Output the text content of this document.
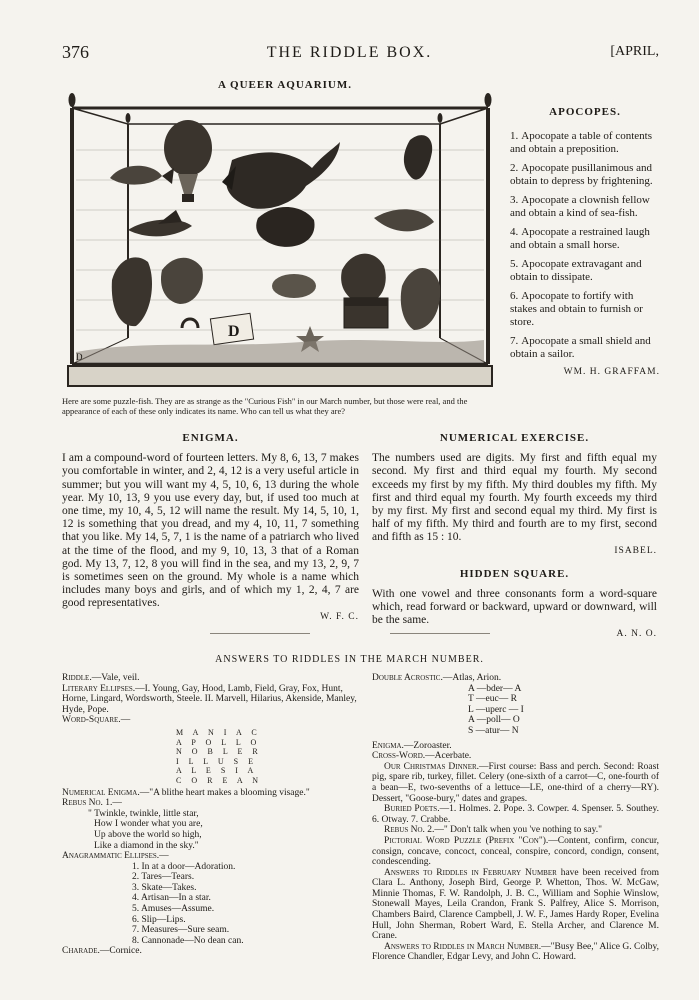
376	THE RIDDLE BOX.	[APRIL,
A QUEER AQUARIUM.
D
D
Here are some puzzle-fish. They are as strange as the "Curious Fish" in our March number, but those were real, and the appearance of each of these only indicates its name. Who can tell us what they are?
APOCOPES.
1. Apocopate a table of contents and obtain a preposition.
2. Apocopate pusillanimous and obtain to depress by frightening.
3. Apocopate a clownish fellow and obtain a kind of sea-fish.
4. Apocopate a restrained laugh and obtain a small horse.
5. Apocopate extravagant and obtain to dissipate.
6. Apocopate to fortify with stakes and obtain to furnish or store.
7. Apocopate a small shield and obtain a sailor.
WM. H. GRAFFAM.
ENIGMA.

I am a compound-word of fourteen letters. My 8, 6, 13, 7 makes you comfortable in winter, and 2, 4, 12 is a very useful article in summer; but you will want my 4, 5, 10, 6, 13 during the whole year. My 10, 13, 9 you use every day, but, if used too much at one time, my 10, 4, 5, 12 will name the result. My 14, 5, 10, 1, 12 is something that you dread, and my 4, 10, 11, 7 something that you like. My 14, 5, 7, 1 is the name of a patriarch who lived at the time of the flood, and my 9, 10, 13, 3 that of a Roman god. My 13, 7, 12, 8 you will find in the sea, and my 13, 2, 9, 7 is sometimes seen on the ground. My whole is a name which includes many boys and girls, and of which my 1, 2, 4, 7 are good representatives.

W. F. C.
NUMERICAL EXERCISE.

The numbers used are digits. My first and fifth equal my second. My first and third equal my fourth. My second exceeds my first by my fifth. My third doubles my fifth. My first and third equal my fourth. My fourth exceeds my third by my first. My first and second equal my third. My first is half of my fifth. My third and fourth are to my first, second and fifth as 15 : 10.

ISABEL.
HIDDEN SQUARE.

With one vowel and three consonants form a word-square which, read forward or backward, upward or downward, will be the same.

A. N. O.
ANSWERS TO RIDDLES IN THE MARCH NUMBER.

Riddle.—Vale, veil.

Literary Ellipses.—I. Young, Gay, Hood, Lamb, Field, Gray, Fox, Hunt, Horne, Lingard, Wordsworth, Steele. II. Marvell, Hilarius, Akenside, Manley, Hyde, Pope.

Word-Square.—

M A N I A C
A P O L L O
N O B L E R
I L L U S E
A L E S I A
C O R E A N

Numerical Enigma.—"A blithe heart makes a blooming visage."

Rebus No. 1.—

" Twinkle, twinkle, little star,
How I wonder what you are,
Up above the world so high,
Like a diamond in the sky."

Anagrammatic Ellipses.—

1. In at a door—Adoration.
2. Tares—Tears.
3. Skate—Takes.
4. Artisan—In a star.
5. Amuses—Assume.
6. Slip—Lips.
7. Measures—Sure seam.
8. Cannonade—No dean can.

Charade.—Cornice.

Double Acrostic.—Atlas, Arion.

A —bder— A
T —euc— R
L —uperc — I
A —poll— O
S —atur— N

Enigma.—Zoroaster.

Cross-Word.—Acerbate.

Our Christmas Dinner.—First course: Bass and perch. Second: Roast pig, spare rib, turkey, fillet. Celery (one-sixth of a carrot—C, one-fourth of a bean—E, two-sevenths of a lettuce—LE, one-third of a cherry—RY). Dessert, "Goose-bury," dates and grapes.

Buried Poets.—1. Holmes. 2. Pope. 3. Cowper. 4. Spenser. 5. Southey. 6. Otway. 7. Crabbe.

Rebus No. 2.—" Don't talk when you 've nothing to say."

Pictorial Word Puzzle (Prefix "Con").—Content, confirm, concur, consign, concave, concoct, conceal, conspire, concord, condign, consent, condescending.

Answers to Riddles in February Number have been received from Clara L. Anthony, Joseph Bird, George P. Whetton, Thos. W. McGaw, Minnie Thomas, F. W. Randolph, J. B. C., William and Sophie Winslow, Stonewall Mayes, Leila Crandon, Frank S. Palfrey, Alice S. Morrison, Chambers Baird, Clarence Campbell, J. W. F., James Hardy Roper, Evelina Hull, John Sherman, Robert Ward, E. Stella Archer, and Clarence M. Crane.

Answers to Riddles in March Number.—"Busy Bee," Alice G. Colby, Florence Chandler, Edgar Levy, and John C. Howard.
